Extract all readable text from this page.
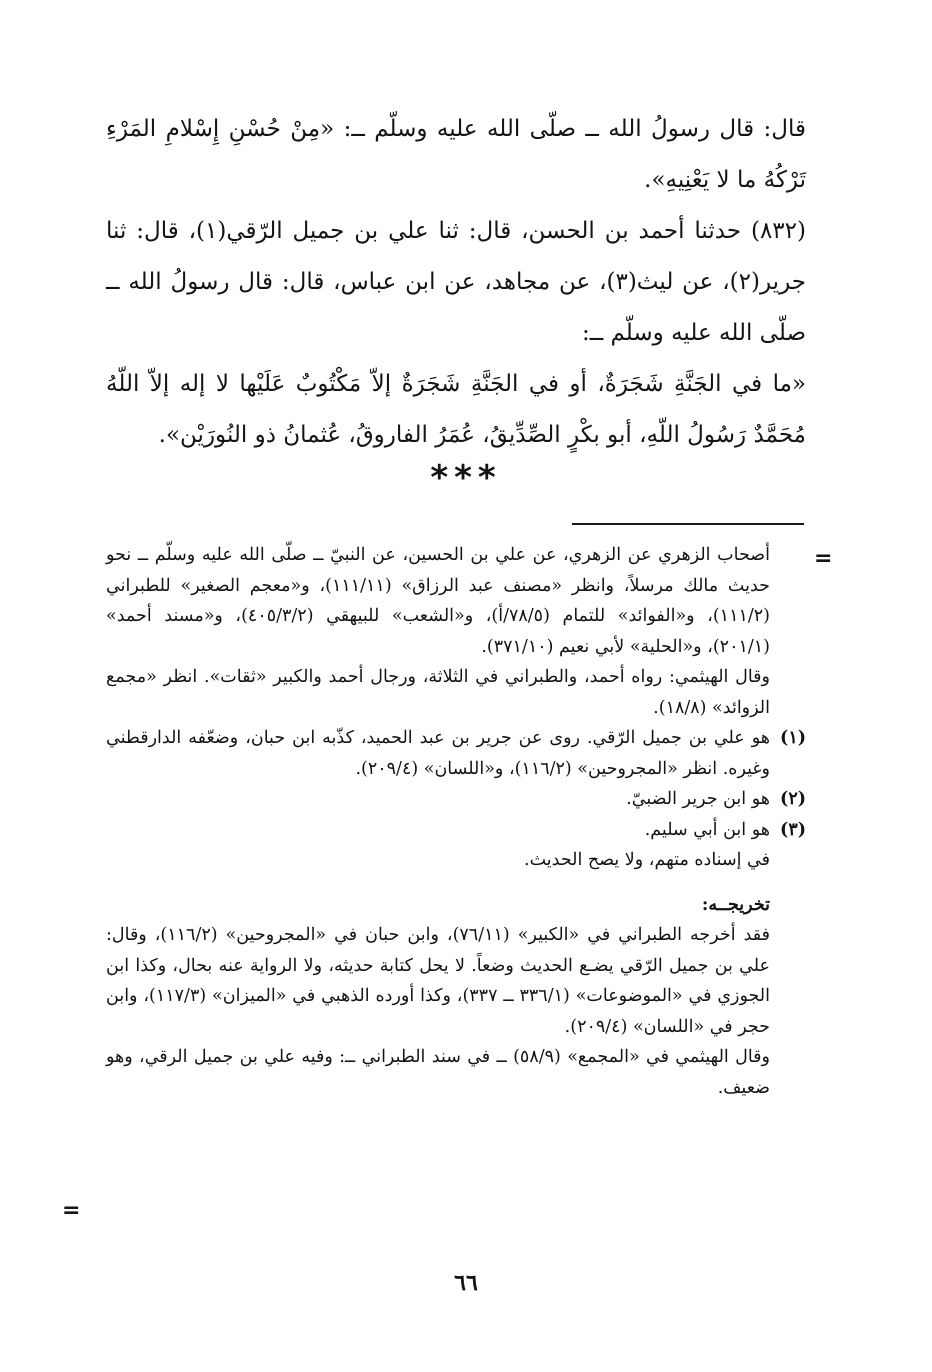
قال: قال رسولُ الله ــ صلّى الله عليه وسلّم ــ: «مِنْ حُسْنِ إِسْلامِ المَرْءِ تَرْكُهُ ما لا يَعْنِيهِ».

(٨٣٢) حدثنا أحمد بن الحسن، قال: ثنا علي بن جميل الرّقي(١)، قال: ثنا جرير(٢)، عن ليث(٣)، عن مجاهد، عن ابن عباس، قال: قال رسولُ الله ــ صلّى الله عليه وسلّم ــ:

«ما في الجَنَّةِ شَجَرَةٌ، أو في الجَنَّةِ شَجَرَةٌ إلاّ مَكْتُوبٌ عَلَيْها لا إله إلاّ اللّهُ مُحَمَّدٌ رَسُولُ اللّهِ، أبو بكْرٍ الصِّدِّيقُ، عُمَرُ الفاروقُ، عُثمانُ ذو النُورَيْن».

***
=

أصحاب الزهري عن الزهري، عن علي بن الحسين، عن النبيّ ــ صلّى الله عليه وسلّم ــ نحو حديث مالك مرسلاً، وانظر «مصنف عبد الرزاق» (١١١/١١)، و«معجم الصغير» للطبراني (١١١/٢)، و«الفوائد» للتمام (٧٨/٥/أ)، و«الشعب» للبيهقي (٤٠٥/٣/٢)، و«مسند أحمد» (٢٠١/١)، و«الحلية» لأبي نعيم (٣٧١/١٠).

وقال الهيثمي: رواه أحمد، والطبراني في الثلاثة، ورجال أحمد والكبير «ثقات». انظر «مجمع الزوائد» (١٨/٨).

(١)
هو علي بن جميل الرّقي. روى عن جرير بن عبد الحميد، كذّبه ابن حبان، وضعّفه الدارقطني وغيره. انظر «المجروحين» (١١٦/٢)، و«اللسان» (٢٠٩/٤).
(٢)
هو ابن جرير الضبيّ.
(٣)
هو ابن أبي سليم.

في إسناده متهم، ولا يصح الحديث.

تخريجــه:

فقد أخرجه الطبراني في «الكبير» (٧٦/١١)، وابن حبان في «المجروحين» (١١٦/٢)، وقال: علي بن جميل الرّقي يضـع الحديث وضعاً. لا يحل كتابة حديثه، ولا الرواية عنه بحال، وكذا ابن الجوزي في «الموضوعات» (٣٣٦/١ ــ ٣٣٧)، وكذا أورده الذهبي في «الميزان» (١١٧/٣)، وابن حجر في «اللسان» (٢٠٩/٤).

وقال الهيثمي في «المجمع» (٥٨/٩) ــ في سند الطبراني ــ: وفيه علي بن جميل الرقي، وهو ضعيف.

=
٦٦
